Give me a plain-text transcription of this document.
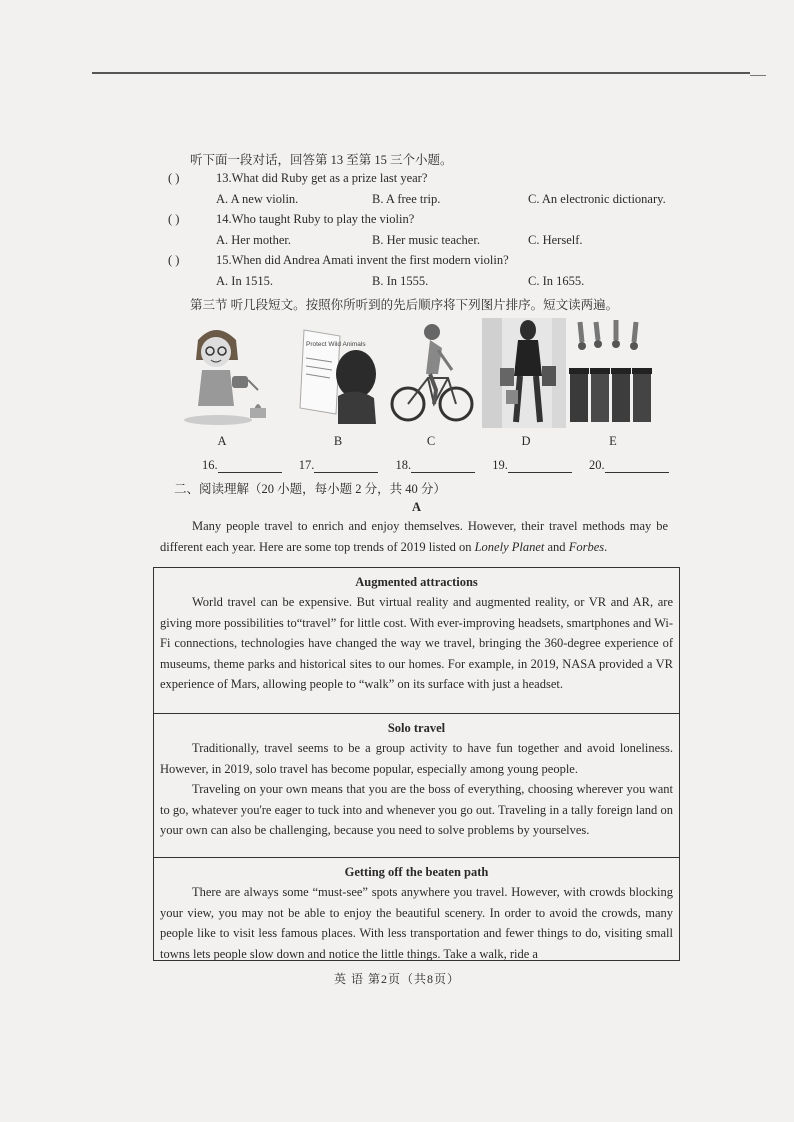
听下面一段对话，回答第 13 至第 15 三个小题。
( )	13.What did Ruby get as a prize last year?
A. A new violin.	B. A free trip.	C. An electronic dictionary.
( )	14.Who taught Ruby to play the violin?
A. Her mother.	B. Her music teacher.	C. Herself.
( )	15.When did Andrea Amati invent the first modern violin?
A. In 1515.	B. In 1555.	C. In 1655.
第三节 听几段短文。按照你所听到的先后顺序将下列图片排序。短文读两遍。
Protect Wild Animals
A	B	C	D	E
16.	17.	18.	19.	20.
二、阅读理解（20 小题，每小题 2 分，共 40 分）
A
Many people travel to enrich and enjoy themselves. However, their travel methods may be different each year. Here are some top trends of 2019 listed on Lonely Planet and Forbes.
Augmented attractions

World travel can be expensive. But virtual reality and augmented reality, or VR and AR, are giving more possibilities to“travel” for little cost. With ever-improving headsets, smartphones and Wi-Fi connections, technologies have changed the way we travel, bringing the 360-degree experience of museums, theme parks and historical sites to our homes. For example, in 2019, NASA provided a VR experience of Mars, allowing people to “walk” on its surface with just a headset.

Solo travel

Traditionally, travel seems to be a group activity to have fun together and avoid loneliness. However, in 2019, solo travel has become popular, especially among young people.

Traveling on your own means that you are the boss of everything, choosing wherever you want to go, whatever you're eager to tuck into and whenever you go out. Traveling in a tally foreign land on your own can also be challenging, because you need to solve problems by yourselves.

Getting off the beaten path

There are always some “must-see” spots anywhere you travel. However, with crowds blocking your view, you may not be able to enjoy the beautiful scenery. In order to avoid the crowds, many people like to visit less famous places. With less transportation and fewer things to do, visiting small towns lets people slow down and notice the little things. Take a walk, ride a

英 语 第2页（共8页）
